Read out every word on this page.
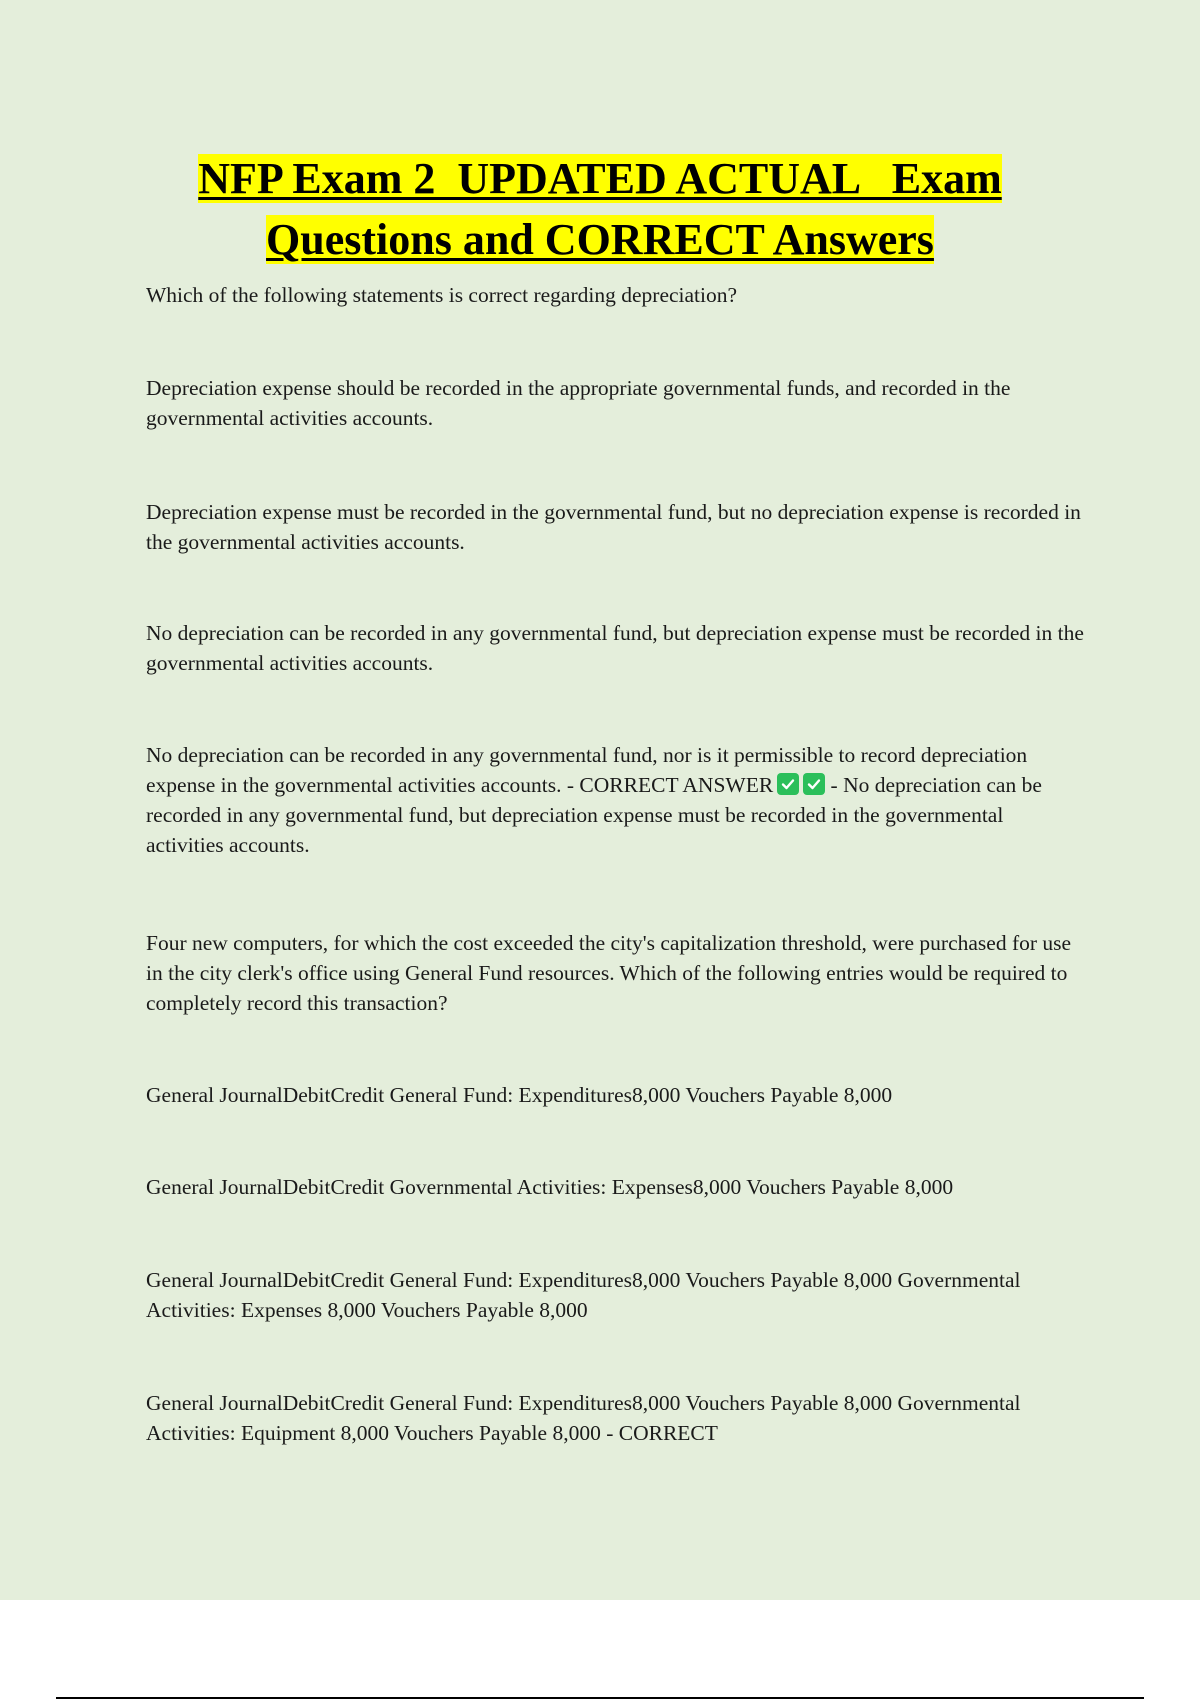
NFP Exam 2  UPDATED ACTUAL   Exam
Questions and CORRECT Answers

Which of the following statements is correct regarding depreciation?

Depreciation expense should be recorded in the appropriate governmental funds, and recorded in the governmental activities accounts.

Depreciation expense must be recorded in the governmental fund, but no depreciation expense is recorded in the governmental activities accounts.

No depreciation can be recorded in any governmental fund, but depreciation expense must be recorded in the governmental activities accounts.

No depreciation can be recorded in any governmental fund, nor is it permissible to record depreciation expense in the governmental activities accounts. - CORRECT ANSWER
- No depreciation can be recorded in any governmental fund, but depreciation expense must be recorded in the governmental activities accounts.

Four new computers, for which the cost exceeded the city's capitalization threshold, were purchased for use in the city clerk's office using General Fund resources. Which of the following entries would be required to completely record this transaction?

General JournalDebitCredit General Fund: Expenditures8,000 Vouchers Payable 8,000

General JournalDebitCredit Governmental Activities: Expenses8,000 Vouchers Payable 8,000

General JournalDebitCredit General Fund: Expenditures8,000 Vouchers Payable 8,000 Governmental Activities: Expenses 8,000 Vouchers Payable 8,000

General JournalDebitCredit General Fund: Expenditures8,000 Vouchers Payable 8,000 Governmental Activities: Equipment 8,000 Vouchers Payable 8,000 - CORRECT
